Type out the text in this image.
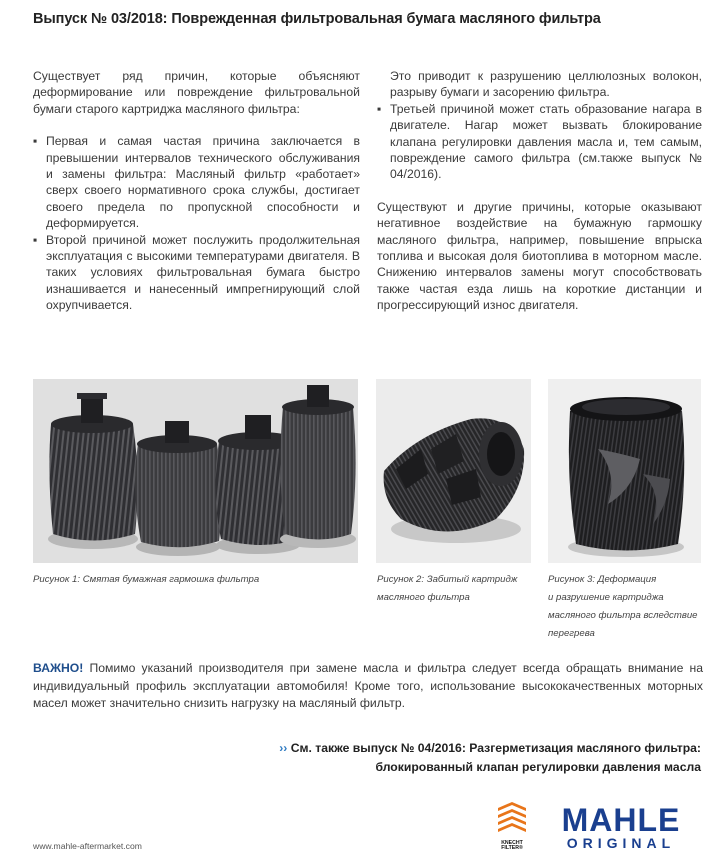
Выпуск № 03/2018: Поврежденная фильтровальная бумага масляного фильтра

Существует ряд причин, которые объясняют деформирование или повреждение фильтровальной бумаги старого картриджа масляного фильтра:

▪ Первая и самая частая причина заключается в превышении интервалов технического обслуживания и замены фильтра: Масляный фильтр «работает» сверх своего нормативного срока службы, достигает своего предела по пропускной способности и деформируется.
▪ Второй причиной может послужить продолжительная эксплуатация с высокими температурами двигателя. В таких условиях фильтровальная бумага быстро изнашивается и нанесенный импрегнирующий слой охрупчивается.

Это приводит к разрушению целлюлозных волокон, разрыву бумаги и засорению фильтра.

▪ Третьей причиной может стать образование нагара в двигателе. Нагар может вызвать блокирование клапана регулировки давления масла и, тем самым, повреждение самого фильтра (см.также выпуск № 04/2016).

Существуют и другие причины, которые оказывают негативное воздействие на бумажную гармошку масляного фильтра, например, повышение впрыска топлива и высокая доля биотоплива в моторном масле. Снижению интервалов замены могут способствовать также частая езда лишь на короткие дистанции и прогрессирующий износ двигателя.

Рисунок 1: Смятая бумажная гармошка фильтра	Рисунок 2: Забитый картридж
масляного фильтра
Рисунок 3: Деформация
и разрушение картриджа
масляного фильтра вследствие
перегрева
ВАЖНО! Помимо указаний производителя при замене масла и фильтра следует всегда обращать внимание на индивидуальный профиль эксплуатации автомобиля! Кроме того, использование высококачественных моторных масел может значительно снизить нагрузку на масляный фильтр.
›› См. также выпуск № 04/2016: Разгерметизация масляного фильтра:
блокированный клапан регулировки давления масла
www.mahle-aftermarket.com	KNECHT
FILTER®
MAHLE
ORIGINAL
